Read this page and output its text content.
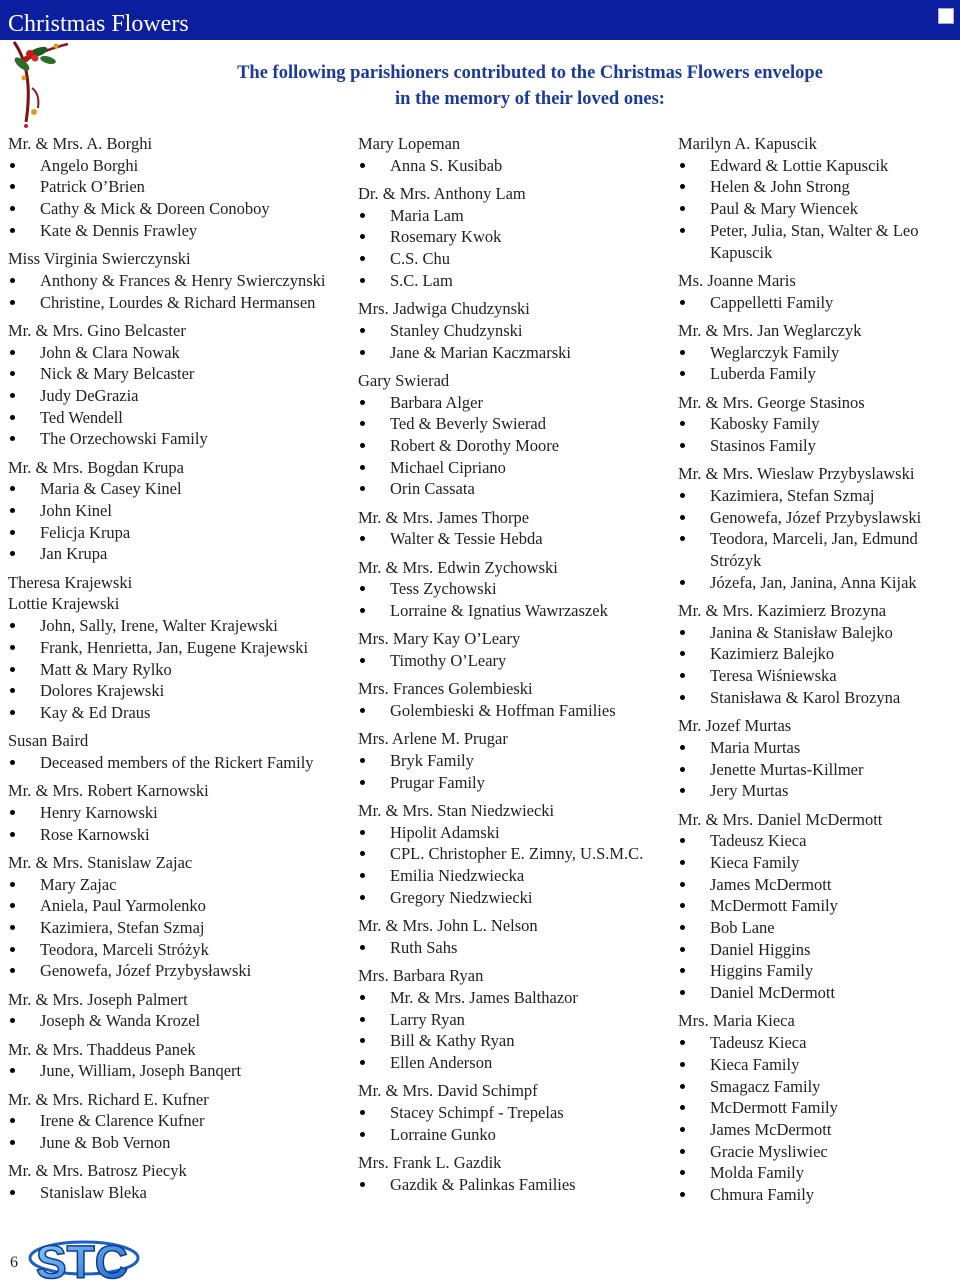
Christmas Flowers
The following parishioners contributed to the Christmas Flowers envelope
in the memory of their loved ones:
Mr. & Mrs. A. Borghi
Angelo Borghi
Patrick O’Brien
Cathy & Mick & Doreen Conoboy
Kate & Dennis Frawley
Miss Virginia Swierczynski
Anthony & Frances & Henry Swierczynski
Christine, Lourdes & Richard Hermansen
Mr. & Mrs. Gino Belcaster
John & Clara Nowak
Nick & Mary Belcaster
Judy DeGrazia
Ted Wendell
The Orzechowski Family
Mr. & Mrs. Bogdan Krupa
Maria & Casey Kinel
John Kinel
Felicja Krupa
Jan Krupa
Theresa Krajewski
Lottie Krajewski
John, Sally, Irene, Walter Krajewski
Frank, Henrietta, Jan, Eugene Krajewski
Matt & Mary Rylko
Dolores Krajewski
Kay & Ed Draus
Susan Baird
Deceased members of the Rickert Family
Mr. & Mrs. Robert Karnowski
Henry Karnowski
Rose Karnowski
Mr. & Mrs. Stanislaw Zajac
Mary Zajac
Aniela, Paul Yarmolenko
Kazimiera, Stefan Szmaj
Teodora, Marceli Stróżyk
Genowefa, Józef Przybysławski
Mr. & Mrs. Joseph Palmert
Joseph & Wanda Krozel
Mr. & Mrs. Thaddeus Panek
June, William, Joseph Banqert
Mr. & Mrs. Richard E. Kufner
Irene & Clarence Kufner
June & Bob Vernon
Mr. & Mrs. Batrosz Piecyk
Stanislaw Bleka
Mary Lopeman
Anna S. Kusibab
Dr. & Mrs. Anthony Lam
Maria Lam
Rosemary Kwok
C.S. Chu
S.C. Lam
Mrs. Jadwiga Chudzynski
Stanley Chudzynski
Jane & Marian Kaczmarski
Gary Swierad
Barbara Alger
Ted & Beverly Swierad
Robert & Dorothy Moore
Michael Cipriano
Orin Cassata
Mr. & Mrs. James Thorpe
Walter & Tessie Hebda
Mr. & Mrs. Edwin Zychowski
Tess Zychowski
Lorraine & Ignatius Wawrzaszek
Mrs. Mary Kay O’Leary
Timothy O’Leary
Mrs. Frances Golembieski
Golembieski & Hoffman Families
Mrs. Arlene M. Prugar
Bryk Family
Prugar Family
Mr. & Mrs. Stan Niedzwiecki
Hipolit Adamski
CPL. Christopher E. Zimny, U.S.M.C.
Emilia Niedzwiecka
Gregory Niedzwiecki
Mr. & Mrs. John L. Nelson
Ruth Sahs
Mrs. Barbara Ryan
Mr. & Mrs. James Balthazor
Larry Ryan
Bill & Kathy Ryan
Ellen Anderson
Mr. & Mrs. David Schimpf
Stacey Schimpf - Trepelas
Lorraine Gunko
Mrs. Frank L. Gazdik
Gazdik & Palinkas Families
Marilyn A. Kapuscik
Edward & Lottie Kapuscik
Helen & John Strong
Paul & Mary Wiencek
Peter, Julia, Stan, Walter & Leo Kapuscik
Ms. Joanne Maris
Cappelletti Family
Mr. & Mrs. Jan Weglarczyk
Weglarczyk Family
Luberda Family
Mr. & Mrs. George Stasinos
Kabosky Family
Stasinos Family
Mr. & Mrs. Wieslaw Przybyslawski
Kazimiera, Stefan Szmaj
Genowefa, Józef Przybyslawski
Teodora, Marceli, Jan, Edmund Strózyk
Józefa, Jan, Janina, Anna Kijak
Mr. & Mrs. Kazimierz Brozyna
Janina & Stanisław Balejko
Kazimierz Balejko
Teresa Wiśniewska
Stanisława & Karol Brozyna
Mr. Jozef Murtas
Maria Murtas
Jenette Murtas-Killmer
Jery Murtas
Mr. & Mrs. Daniel McDermott
Tadeusz Kieca
Kieca Family
James McDermott
McDermott Family
Bob Lane
Daniel Higgins
Higgins Family
Daniel McDermott
Mrs. Maria Kieca
Tadeusz Kieca
Kieca Family
Smagacz Family
McDermott Family
James McDermott
Gracie Mysliwiec
Molda Family
Chmura Family
6 STC
